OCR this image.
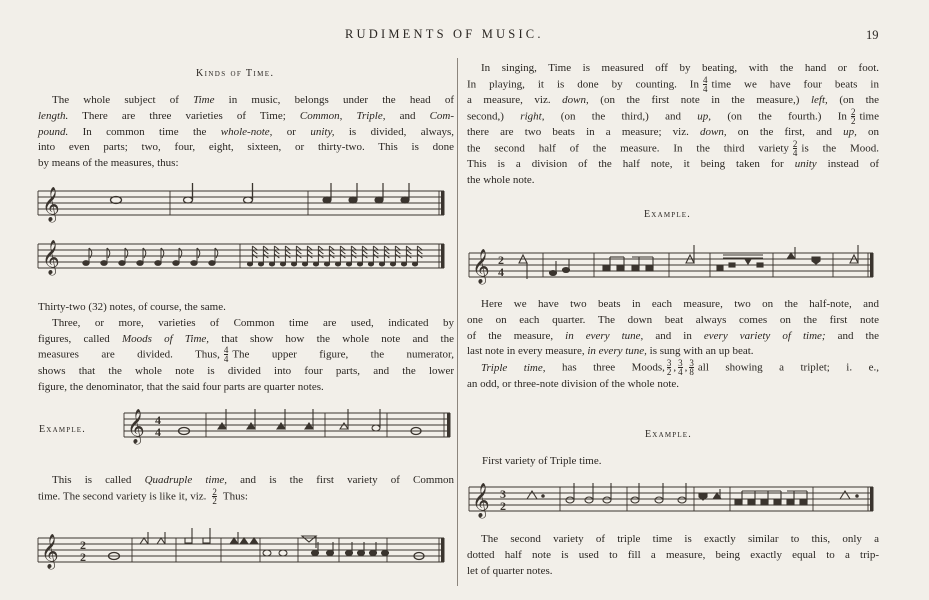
RUDIMENTS OF MUSIC.	19
Kinds of Time.
The whole subject of Time in music, belongs under the head of
length. There are three varieties of Time; Common, Triple, and Com-
pound. In common time the whole-note, or unity, is divided, always,
into even parts; two, four, eight, sixteen, or thirty-two. This is done
by means of the measures, thus:
𝄞
𝄞
Thirty-two (32) notes, of course, the same.
Three, or more, varieties of Common time are used, indicated by
figures, called Moods of Time, that show how the whole note and the
measures are divided. Thus, $\frac{4}{4}$ The upper figure, the numerator,
shows that the whole note is divided into four parts, and the lower
figure, the denominator, that the said four parts are quarter notes.
Example. 𝄞 4
4
This is called Quadruple time, and is the first variety of Common
time. The second variety is like it, viz. $\frac{2}{2}$ Thus:
𝄞 2
2
In singing, Time is measured off by beating, with the hand or foot.
In playing, it is done by counting. In $\frac{4}{4}$ time we have four beats in
a measure, viz. down, (on the first note in the measure,) left, (on the
second,) right, (on the third,) and up, (on the fourth.) In $\frac{2}{2}$ time
there are two beats in a measure; viz. down, on the first, and up, on
the second half of the measure. In the third variety $\frac{2}{4}$ is the Mood.
This is a division of the half note, it being taken for unity instead of
the whole note.
Example.
𝄞 2
4
Here we have two beats in each measure, two on the half-note, and
one on each quarter. The down beat always comes on the first note
of the measure, in every tune, and in every variety of time; and the
last note in every measure, in every tune, is sung with an up beat.
Triple time, has three Moods, $\frac{3}{2}$ , $\frac{3}{4}$ , $\frac{3}{8}$ all showing a triplet; i. e.,
an odd, or three-note division of the whole note.
Example.
First variety of Triple time.
𝄞 3
2
The second variety of triple time is exactly similar to this, only a
dotted half note is used to fill a measure, being exactly equal to a trip-
let of quarter notes.
